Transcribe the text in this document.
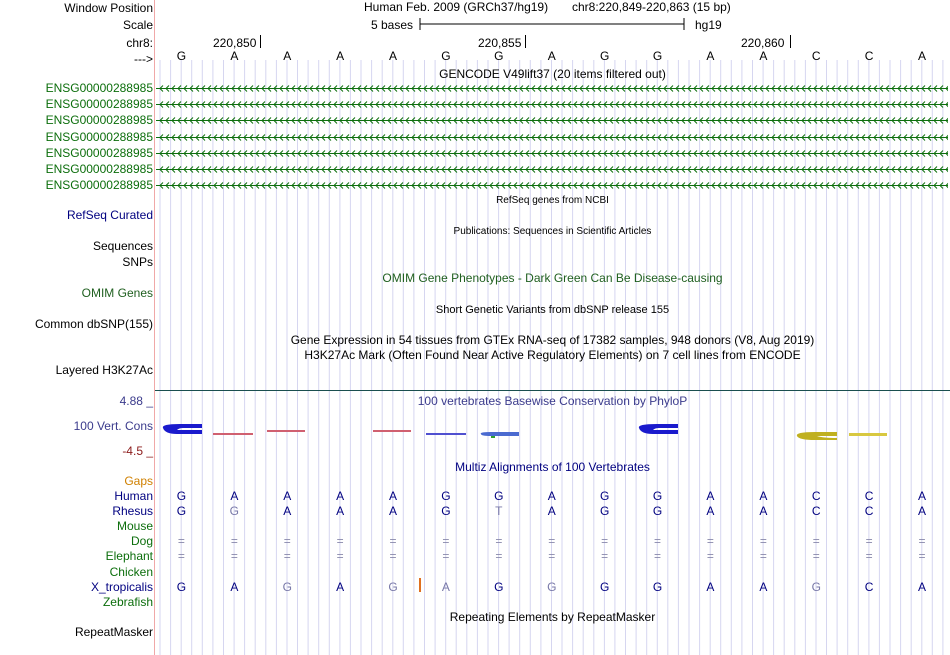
Window Position
Scale
chr8:
--->
Human Feb. 2009 (GRCh37/hg19) chr8:220,849-220,863 (15 bp)
5 bases	hg19
220,850	220,855	220,860
G	A	A	A	A	G	G	A	G	G	A	A	C	C	A
GENCODE V49lift37 (20 items filtered out)
ENSG00000288985
ENSG00000288985
ENSG00000288985
ENSG00000288985
ENSG00000288985
ENSG00000288985
ENSG00000288985
RefSeq genes from NCBI
RefSeq Curated
Publications: Sequences in Scientific Articles
Sequences
SNPs
OMIM Gene Phenotypes - Dark Green Can Be Disease-causing
OMIM Genes
Short Genetic Variants from dbSNP release 155
Common dbSNP(155)
Gene Expression in 54 tissues from GTEx RNA-seq of 17382 samples, 948 donors (V8, Aug 2019)
H3K27Ac Mark (Often Found Near Active Regulatory Elements) on 7 cell lines from ENCODE
Layered H3K27Ac
4.88 _	100 vertebrates Basewise Conservation by PhyloP
100 Vert. Cons
-4.5 _
Multiz Alignments of 100 Vertebrates
Gaps
Human	G	A	A	A	A	G	G	A	G	G	A	A	C	C	A
Rhesus	G	G	A	A	A	G	T	A	G	G	A	A	C	C	A
Mouse
Dog	=	=	=	=	=	=	=	=	=	=	=	=	=	=	=
Elephant	=	=	=	=	=	=	=	=	=	=	=	=	=	=	=
Chicken
X_tropicalis	G	A	G	A	G	A	G	G	G	G	A	A	G	C	A
Zebrafish
Repeating Elements by RepeatMasker
RepeatMasker
